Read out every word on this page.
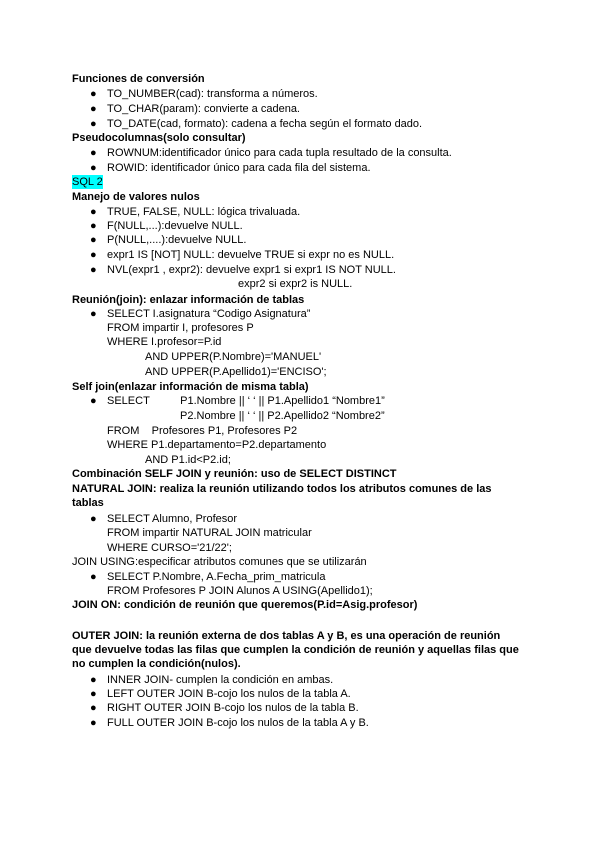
Funciones de conversión
● TO_NUMBER(cad): transforma a números.
● TO_CHAR(param): convierte a cadena.
● TO_DATE(cad, formato): cadena a fecha según el formato dado.
Pseudocolumnas(solo consultar)
● ROWNUM:identificador único para cada tupla resultado de la consulta.
● ROWID: identificador único para cada fila del sistema.
SQL 2
Manejo de valores nulos
● TRUE, FALSE, NULL: lógica trivaluada.
● F(NULL,...):devuelve NULL.
● P(NULL,....):devuelve NULL.
● expr1 IS [NOT] NULL: devuelve TRUE si expr no es NULL.
● NVL(expr1 , expr2): devuelve expr1 si expr1 IS NOT NULL.
expr2 si expr2 is NULL.
Reunión(join): enlazar información de tablas
● SELECT I.asignatura “Codigo Asignatura”
FROM impartir I, profesores P
WHERE I.profesor=P.id
AND UPPER(P.Nombre)='MANUEL'
AND UPPER(P.Apellido1)='ENCISO';
Self join(enlazar información de misma tabla)
● SELECT          P1.Nombre || ‘ ‘ || P1.Apellido1 “Nombre1”
P2.Nombre || ‘ ‘ || P2.Apellido2 “Nombre2”
FROM    Profesores P1, Profesores P2
WHERE P1.departamento=P2.departamento
AND P1.id<P2.id;
Combinación SELF JOIN y reunión: uso de SELECT DISTINCT
NATURAL JOIN: realiza la reunión utilizando todos los atributos comunes de las
tablas
● SELECT Alumno, Profesor
FROM impartir NATURAL JOIN matricular
WHERE CURSO='21/22';
JOIN USING:especificar atributos comunes que se utilizarán
● SELECT P.Nombre, A.Fecha_prim_matricula
FROM Profesores P JOIN Alunos A USING(Apellido1);
JOIN ON: condición de reunión que queremos(P.id=Asig.profesor)
OUTER JOIN: la reunión externa de dos tablas A y B, es una operación de reunión
que devuelve todas las filas que cumplen la condición de reunión y aquellas filas que
no cumplen la condición(nulos).
● INNER JOIN- cumplen la condición en ambas.
● LEFT OUTER JOIN B-cojo los nulos de la tabla A.
● RIGHT OUTER JOIN B-cojo los nulos de la tabla B.
● FULL OUTER JOIN B-cojo los nulos de la tabla A y B.
